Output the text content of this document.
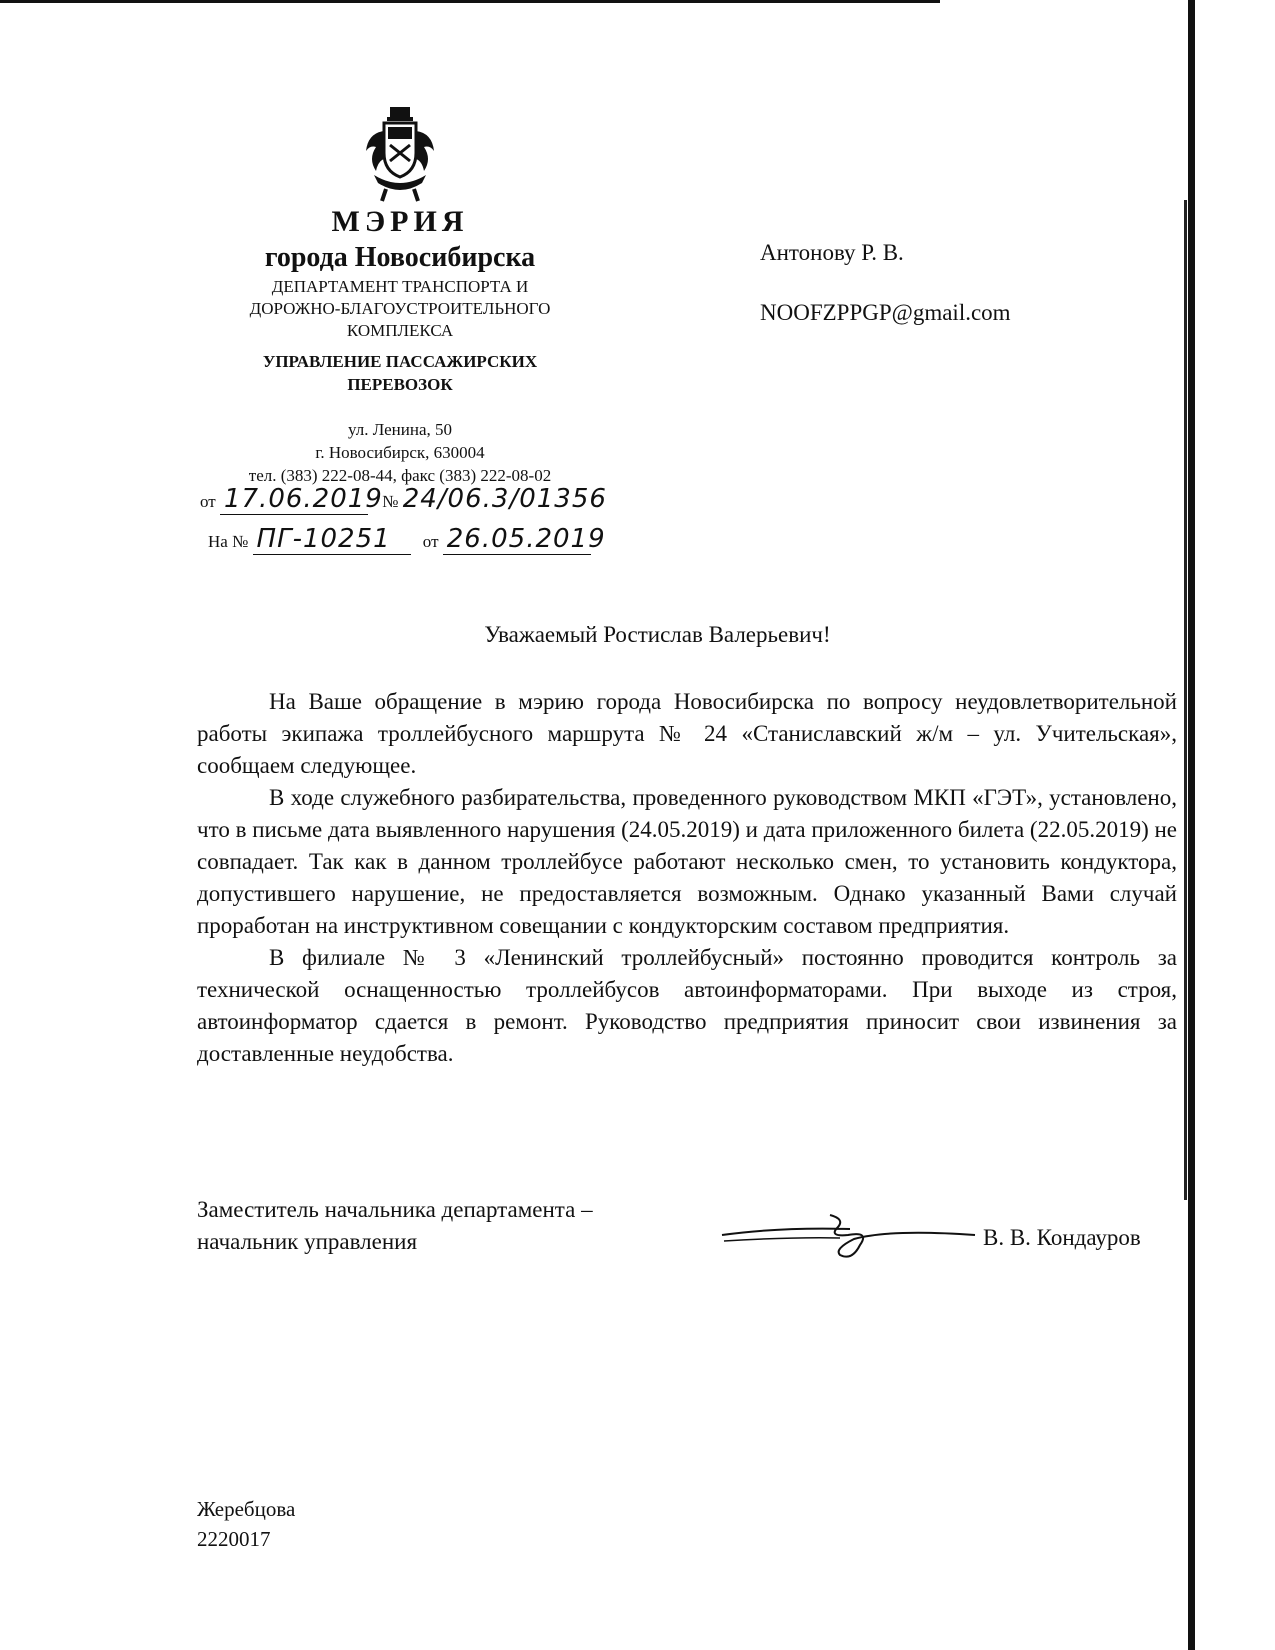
МЭРИЯ
города Новосибирска
ДЕПАРТАМЕНТ ТРАНСПОРТА И
ДОРОЖНО-БЛАГОУСТРОИТЕЛЬНОГО
КОМПЛЕКСА
УПРАВЛЕНИЕ ПАССАЖИРСКИХ
ПЕРЕВОЗОК
ул. Ленина, 50
г. Новосибирск, 630004
тел. (383) 222-08-44, факс (383) 222-08-02
от 17.06.2019 № 24/06.3/01356
На № ПГ-10251 от 26.05.2019
Антонову Р. В.
NOOFZPPGP@gmail.com
Уважаемый Ростислав Валерьевич!

На Ваше обращение в мэрию города Новосибирска по вопросу неудовлетворительной работы экипажа троллейбусного маршрута № 24 «Станиславский ж/м – ул. Учительская», сообщаем следующее.

В ходе служебного разбирательства, проведенного руководством МКП «ГЭТ», установлено, что в письме дата выявленного нарушения (24.05.2019) и дата приложенного билета (22.05.2019) не совпадает. Так как в данном троллейбусе работают несколько смен, то установить кондуктора, допустившего нарушение, не предоставляется возможным. Однако указанный Вами случай проработан на инструктивном совещании с кондукторским составом предприятия.

В филиале № 3 «Ленинский троллейбусный» постоянно проводится контроль за технической оснащенностью троллейбусов автоинформаторами. При выходе из строя, автоинформатор сдается в ремонт. Руководство предприятия приносит свои извинения за доставленные неудобства.

Заместитель начальника департамента –
начальник управления	В. В. Кондауров
Жеребцова
2220017
